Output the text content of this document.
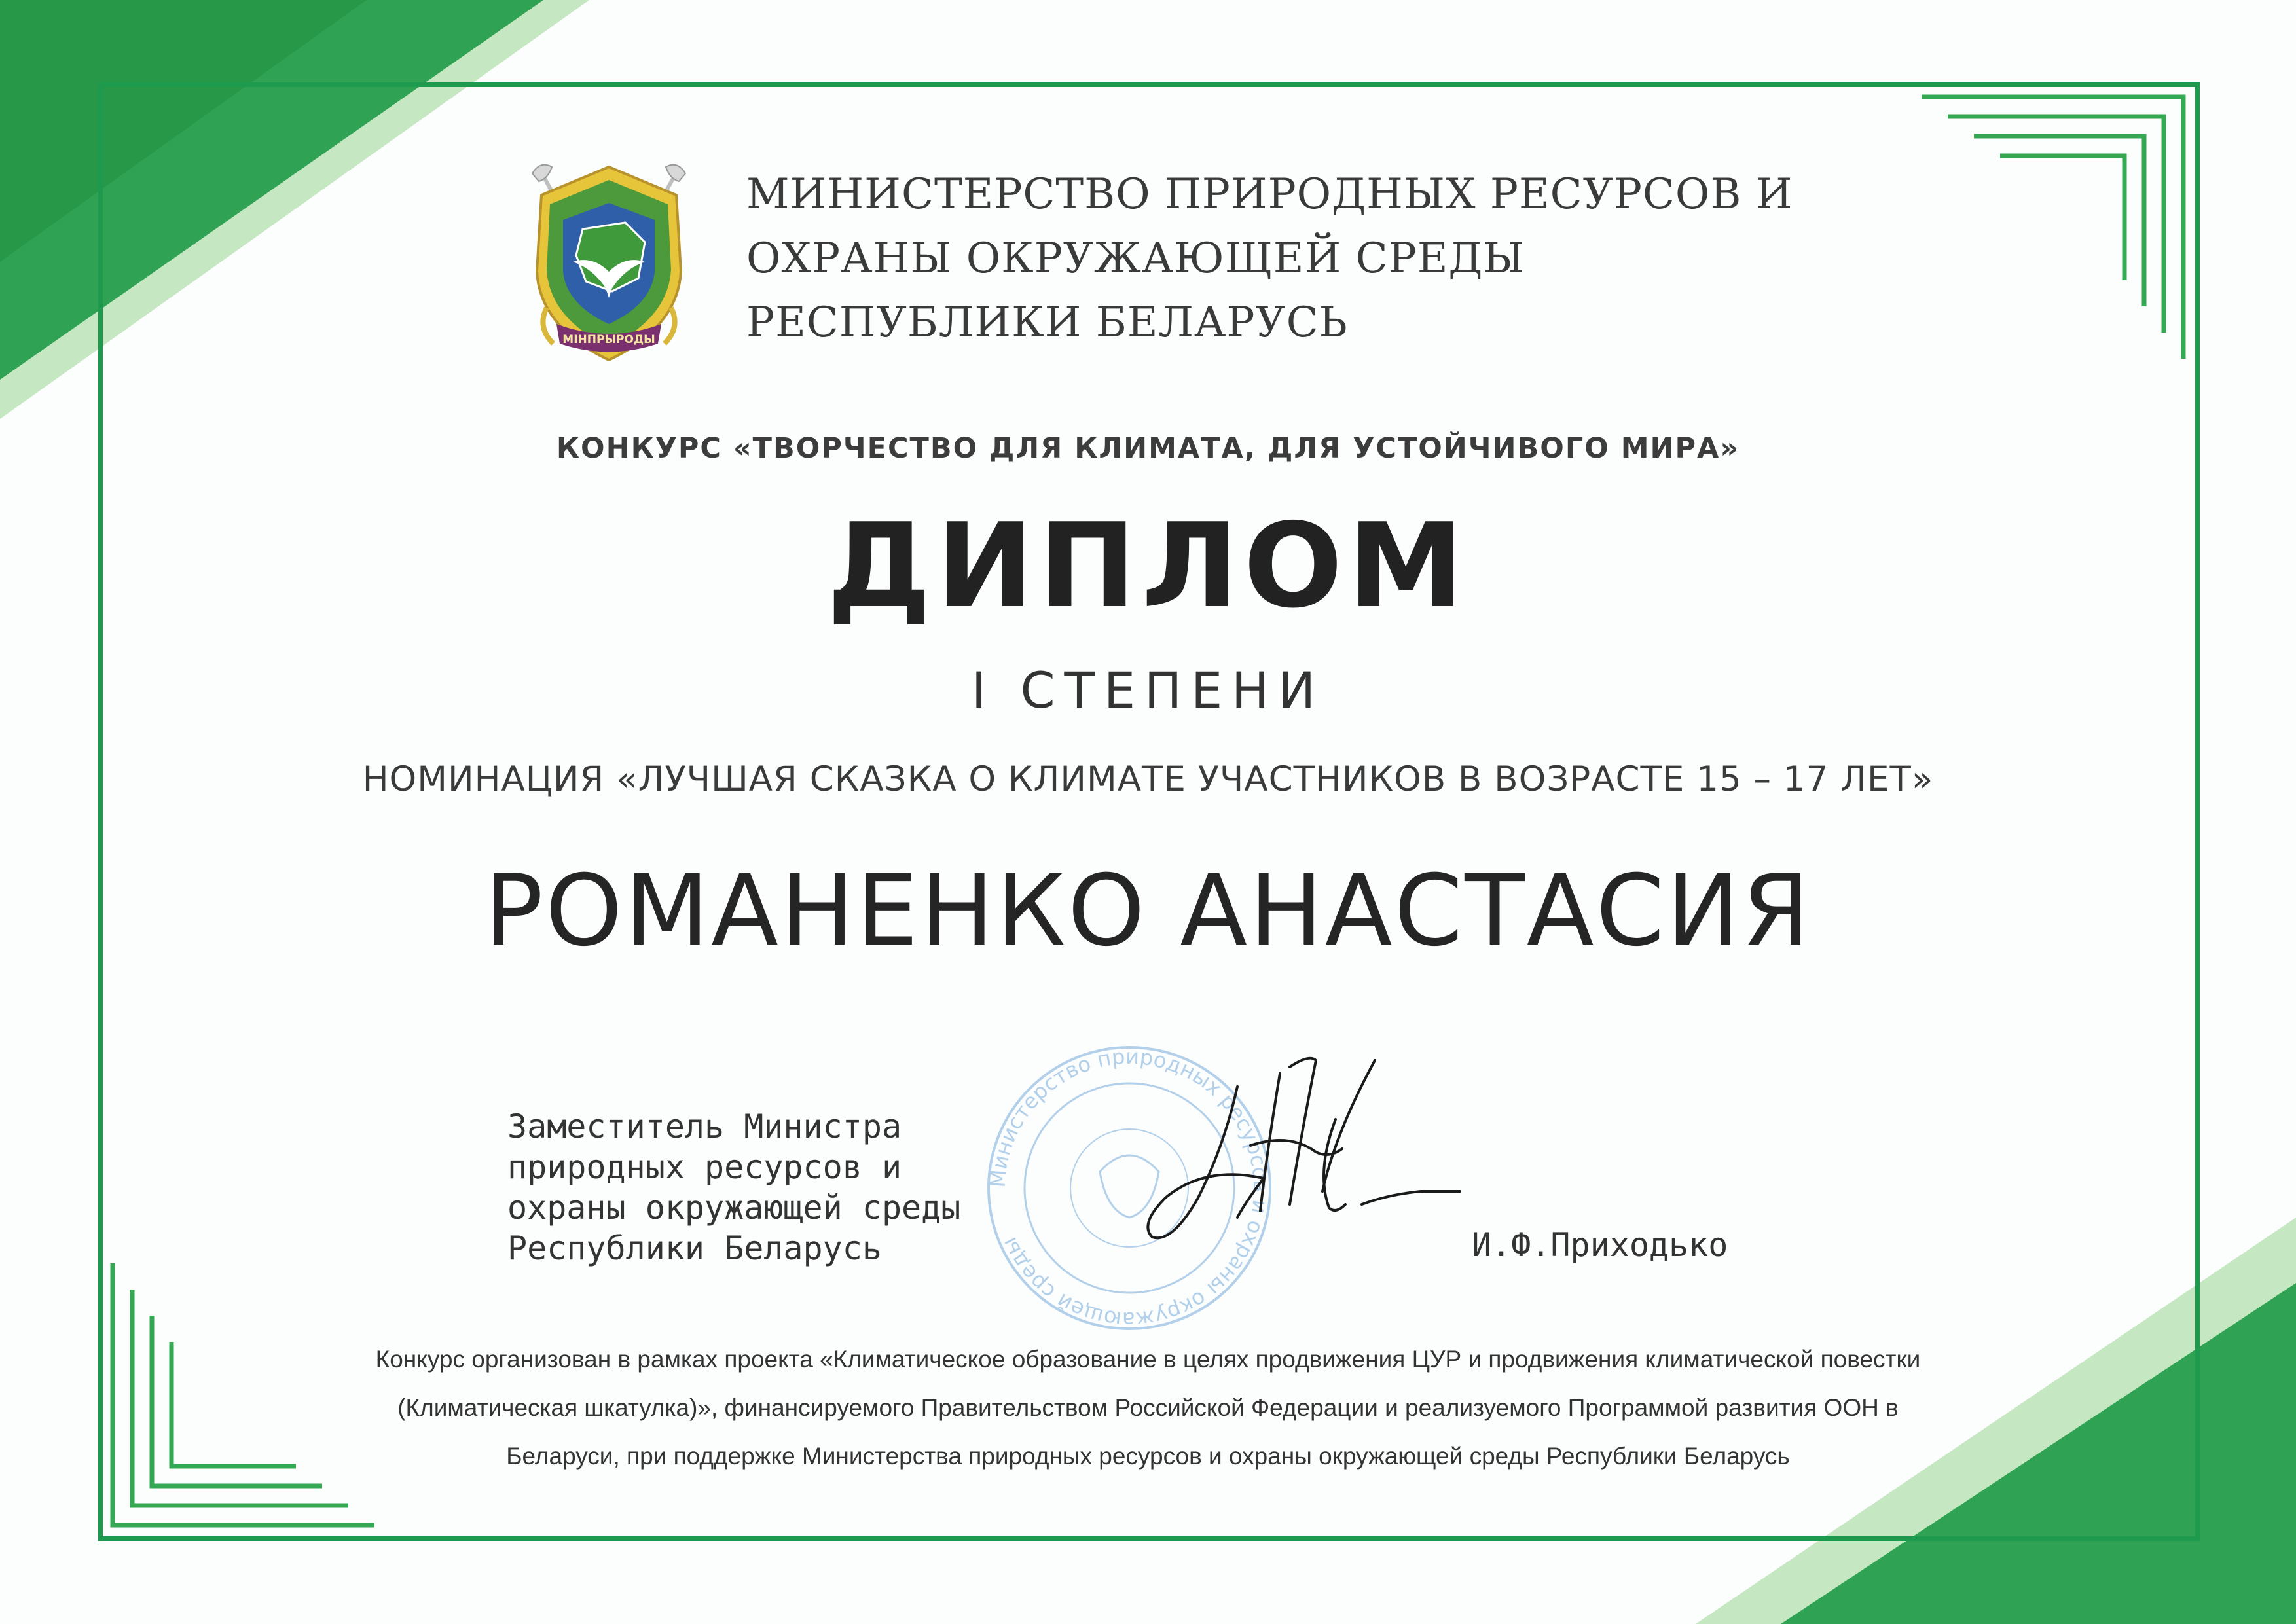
МІНПРЫРОДЫ
МИНИСТЕРСТВО ПРИРОДНЫХ РЕСУРСОВ И
ОХРАНЫ ОКРУЖАЮЩЕЙ СРЕДЫ
РЕСПУБЛИКИ БЕЛАРУСЬ
КОНКУРС «ТВОРЧЕСТВО ДЛЯ КЛИМАТА, ДЛЯ УСТОЙЧИВОГО МИРА»
ДИПЛОМ
I СТЕПЕНИ
НОМИНАЦИЯ «ЛУЧШАЯ СКАЗКА О КЛИМАТЕ УЧАСТНИКОВ В ВОЗРАСТЕ 15 – 17 ЛЕТ»
РОМАНЕНКО АНАСТАСИЯ
Министерство природных ресурсов и охраны окружающей среды
Заместитель Министра
природных ресурсов и
охраны окружающей среды
Республики Беларусь	И.Ф.Приходько
Конкурс организован в рамках проекта «Климатическое образование в целях продвижения ЦУР и продвижения климатической повестки
(Климатическая шкатулка)», финансируемого Правительством Российской Федерации и реализуемого Программой развития ООН в
Беларуси, при поддержке Министерства природных ресурсов и охраны окружающей среды Республики Беларусь
